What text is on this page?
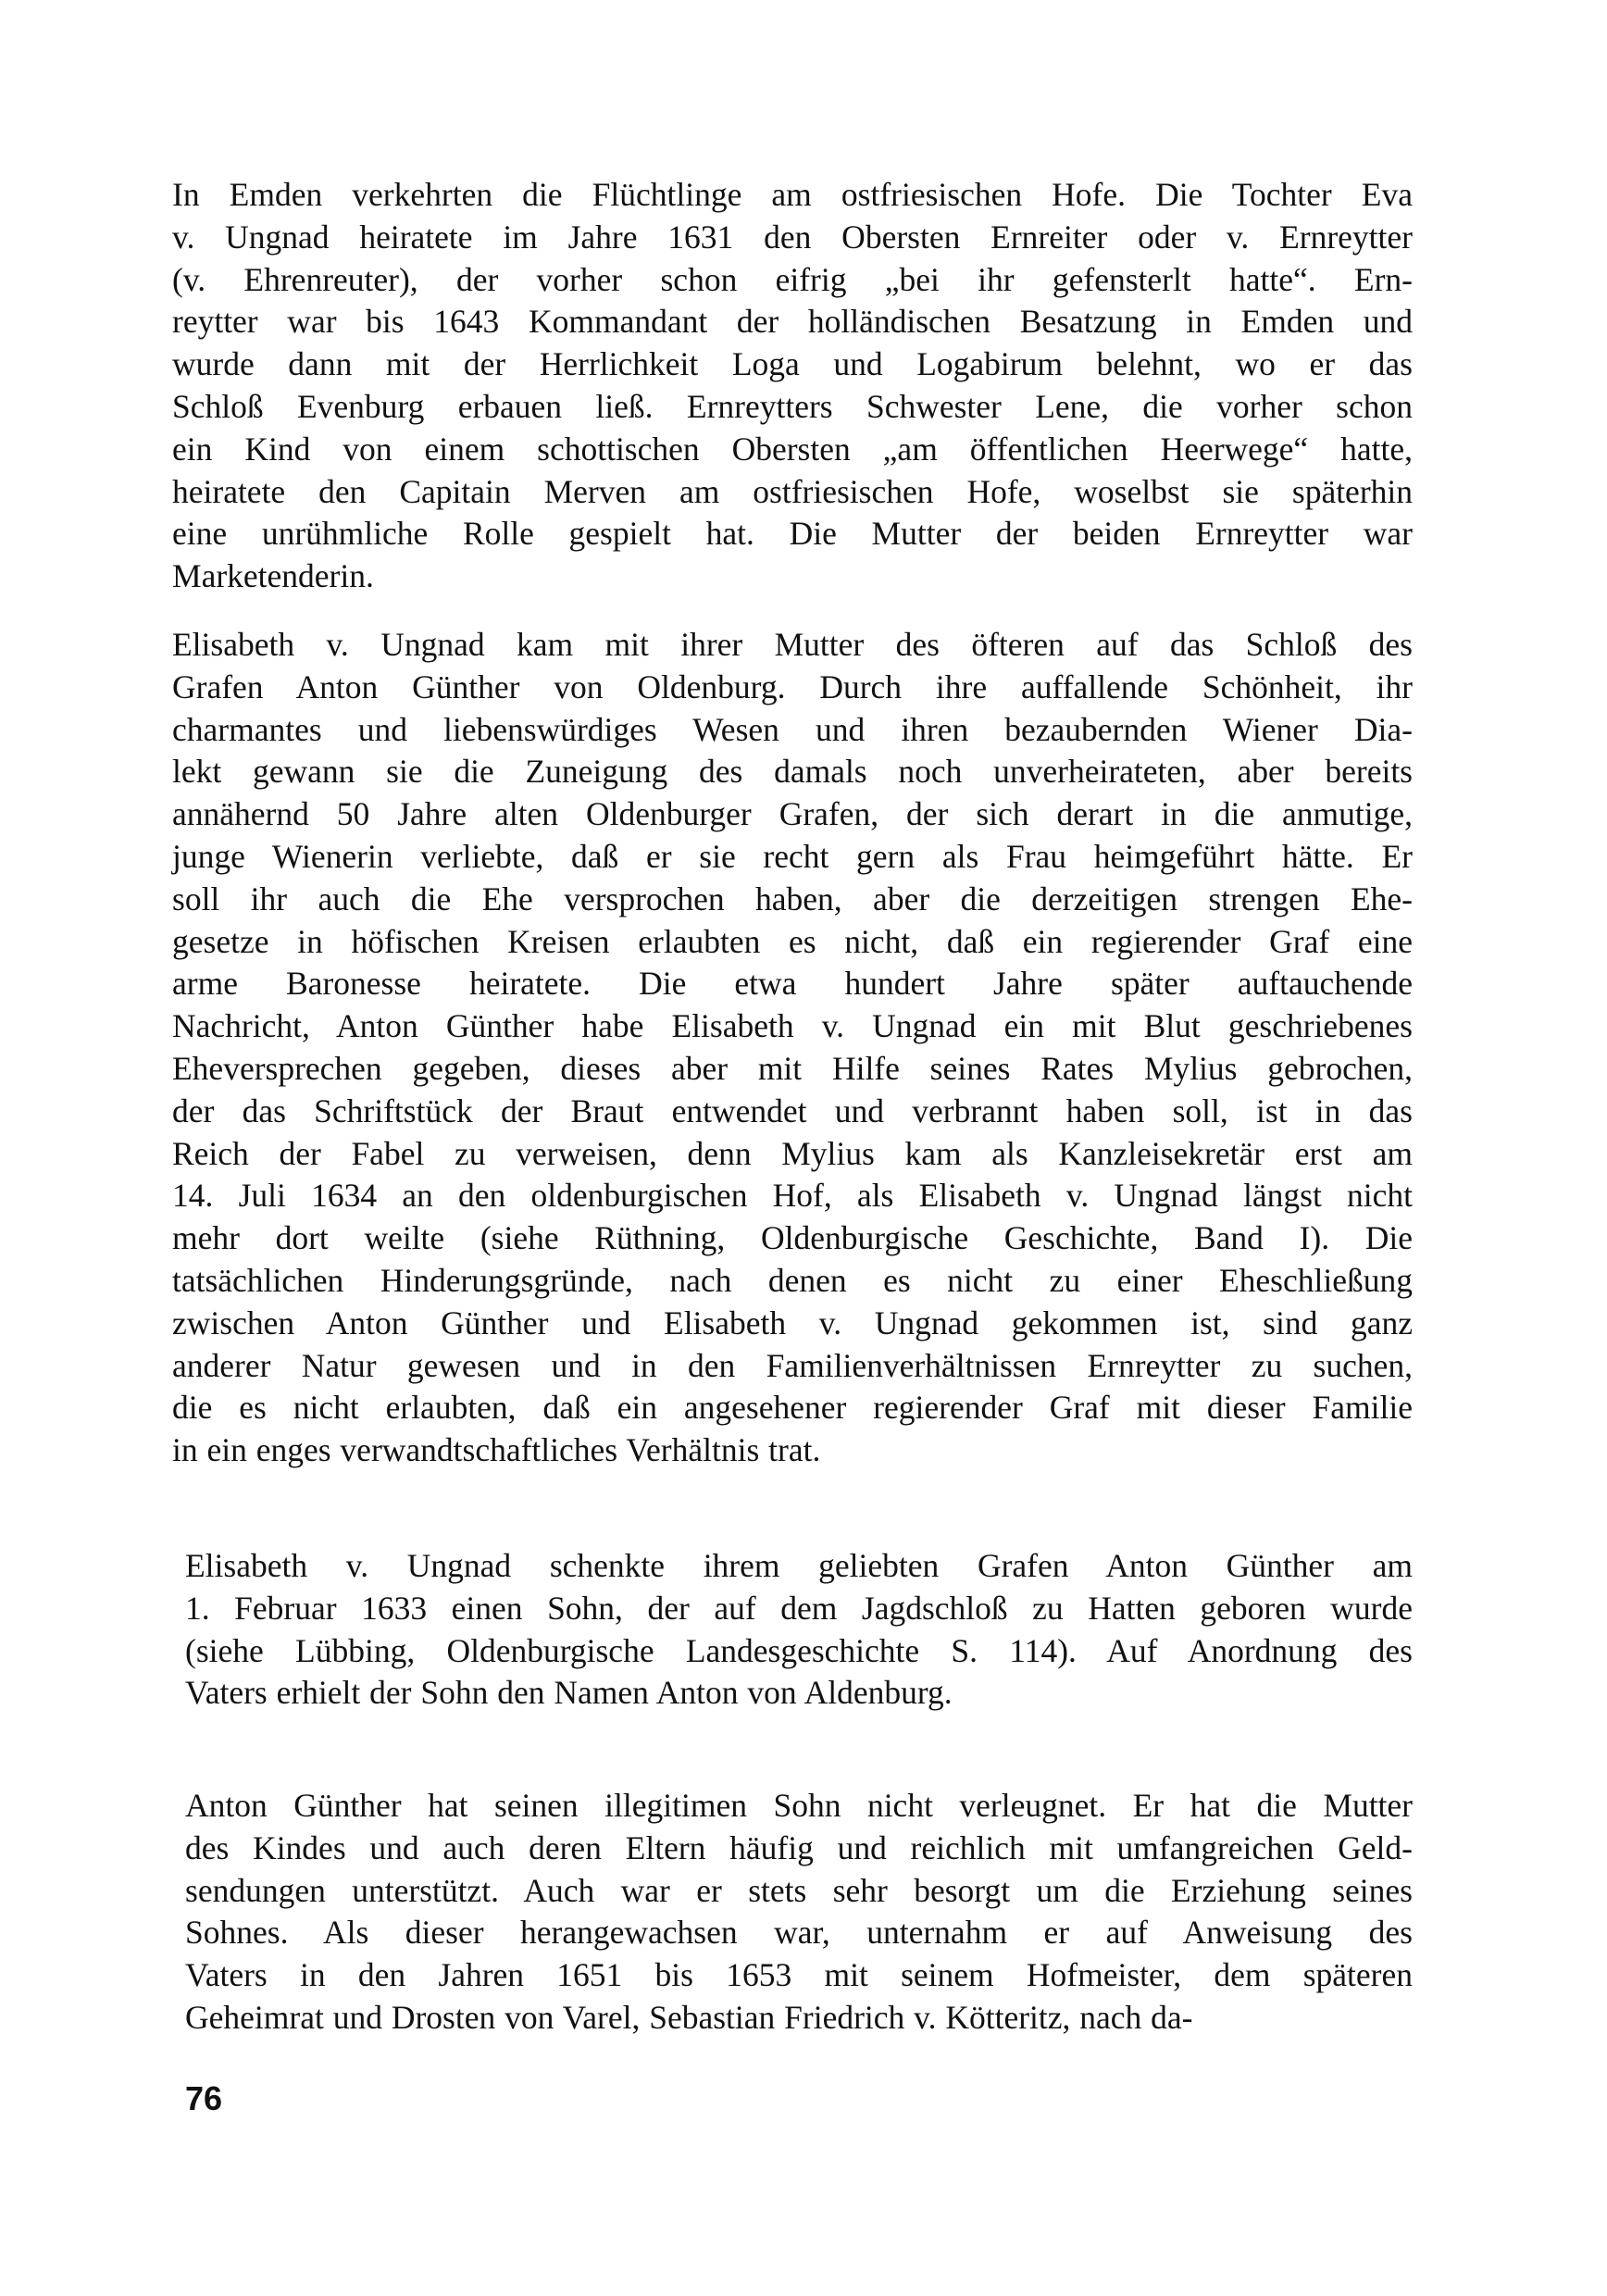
In Emden verkehrten die Flüchtlinge am ostfriesischen Hofe. Die Tochter Eva
v. Ungnad heiratete im Jahre 1631 den Obersten Ernreiter oder v. Ernreytter
(v. Ehrenreuter), der vorher schon eifrig „bei ihr gefensterlt hatte“. Ern-
reytter war bis 1643 Kommandant der holländischen Besatzung in Emden und
wurde dann mit der Herrlichkeit Loga und Logabirum belehnt, wo er das
Schloß Evenburg erbauen ließ. Ernreytters Schwester Lene, die vorher schon
ein Kind von einem schottischen Obersten „am öffentlichen Heerwege“ hatte,
heiratete den Capitain Merven am ostfriesischen Hofe, woselbst sie späterhin
eine unrühmliche Rolle gespielt hat. Die Mutter der beiden Ernreytter war
Marketenderin.
Elisabeth v. Ungnad kam mit ihrer Mutter des öfteren auf das Schloß des
Grafen Anton Günther von Oldenburg. Durch ihre auffallende Schönheit, ihr
charmantes und liebenswürdiges Wesen und ihren bezaubernden Wiener Dia-
lekt gewann sie die Zuneigung des damals noch unverheirateten, aber bereits
annähernd 50 Jahre alten Oldenburger Grafen, der sich derart in die anmutige,
junge Wienerin verliebte, daß er sie recht gern als Frau heimgeführt hätte. Er
soll ihr auch die Ehe versprochen haben, aber die derzeitigen strengen Ehe-
gesetze in höfischen Kreisen erlaubten es nicht, daß ein regierender Graf eine
arme Baronesse heiratete. Die etwa hundert Jahre später auftauchende
Nachricht, Anton Günther habe Elisabeth v. Ungnad ein mit Blut geschriebenes
Eheversprechen gegeben, dieses aber mit Hilfe seines Rates Mylius gebrochen,
der das Schriftstück der Braut entwendet und verbrannt haben soll, ist in das
Reich der Fabel zu verweisen, denn Mylius kam als Kanzleisekretär erst am
14. Juli 1634 an den oldenburgischen Hof, als Elisabeth v. Ungnad längst nicht
mehr dort weilte (siehe Rüthning, Oldenburgische Geschichte, Band I). Die
tatsächlichen Hinderungsgründe, nach denen es nicht zu einer Eheschließung
zwischen Anton Günther und Elisabeth v. Ungnad gekommen ist, sind ganz
anderer Natur gewesen und in den Familienverhältnissen Ernreytter zu suchen,
die es nicht erlaubten, daß ein angesehener regierender Graf mit dieser Familie
in ein enges verwandtschaftliches Verhältnis trat.
Elisabeth v. Ungnad schenkte ihrem geliebten Grafen Anton Günther am
1. Februar 1633 einen Sohn, der auf dem Jagdschloß zu Hatten geboren wurde
(siehe Lübbing, Oldenburgische Landesgeschichte S. 114). Auf Anordnung des
Vaters erhielt der Sohn den Namen Anton von Aldenburg.
Anton Günther hat seinen illegitimen Sohn nicht verleugnet. Er hat die Mutter
des Kindes und auch deren Eltern häufig und reichlich mit umfangreichen Geld-
sendungen unterstützt. Auch war er stets sehr besorgt um die Erziehung seines
Sohnes. Als dieser herangewachsen war, unternahm er auf Anweisung des
Vaters in den Jahren 1651 bis 1653 mit seinem Hofmeister, dem späteren
Geheimrat und Drosten von Varel, Sebastian Friedrich v. Kötteritz, nach da-

76
